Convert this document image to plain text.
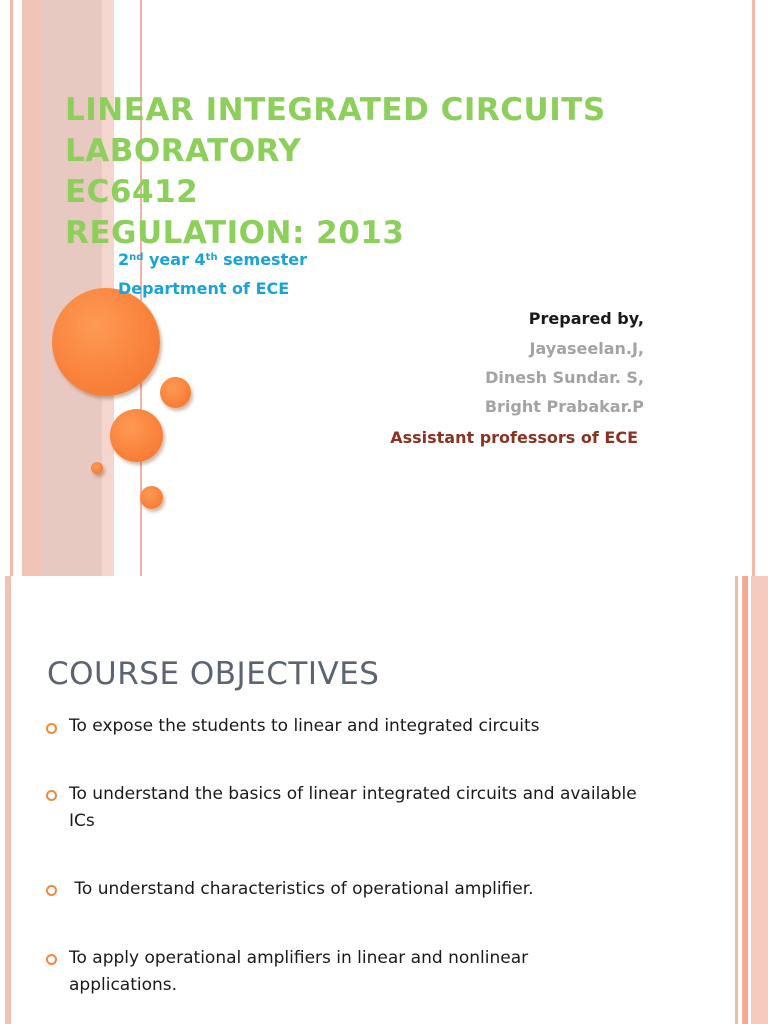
LINEAR INTEGRATED CIRCUITS
LABORATORY
EC6412
REGULATION: 2013
2nd year 4th semester
Department of ECE
Prepared by,
Jayaseelan.J,
Dinesh Sundar. S,
Bright Prabakar.P
Assistant professors of ECE
COURSE OBJECTIVES
To expose the students to linear and integrated circuits
To understand the basics of linear integrated circuits and available ICs
To understand characteristics of operational amplifier.
To apply operational amplifiers in linear and nonlinear applications.
